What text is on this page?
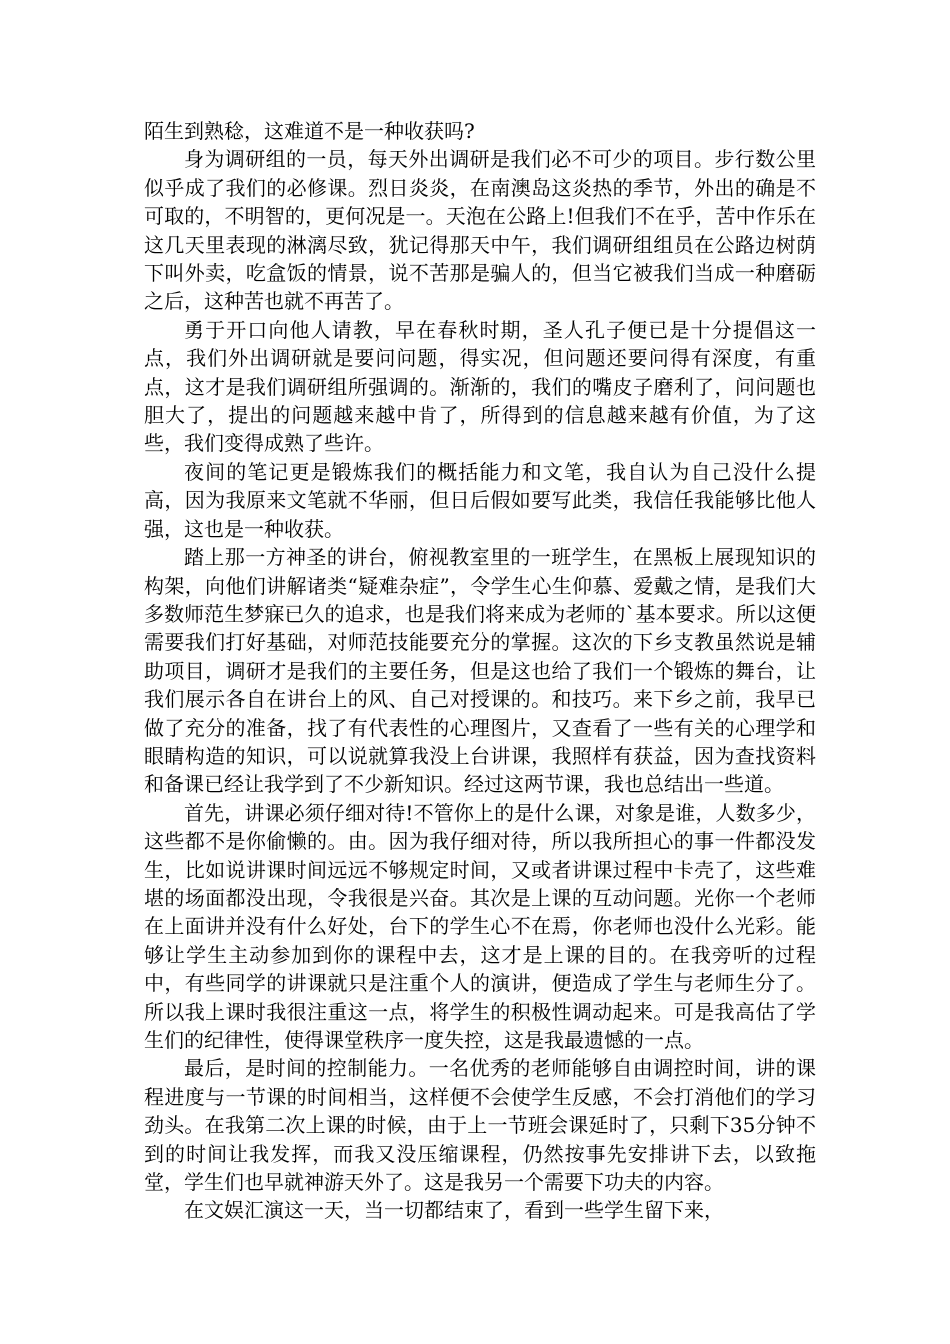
陌生到熟稔，这难道不是一种收获吗?

身为调研组的一员，每天外出调研是我们必不可少的项目。步行数公里似乎成了我们的必修课。烈日炎炎，在南澳岛这炎热的季节，外出的确是不可取的，不明智的，更何况是一。天泡在公路上!但我们不在乎，苦中作乐在这几天里表现的淋漓尽致，犹记得那天中午，我们调研组组员在公路边树荫下叫外卖，吃盒饭的情景，说不苦那是骗人的，但当它被我们当成一种磨砺之后，这种苦也就不再苦了。

勇于开口向他人请教，早在春秋时期，圣人孔子便已是十分提倡这一点，我们外出调研就是要问问题，得实况，但问题还要问得有深度，有重点，这才是我们调研组所强调的。渐渐的，我们的嘴皮子磨利了，问问题也胆大了，提出的问题越来越中肯了，所得到的信息越来越有价值，为了这些，我们变得成熟了些许。

夜间的笔记更是锻炼我们的概括能力和文笔，我自认为自己没什么提高，因为我原来文笔就不华丽，但日后假如要写此类，我信任我能够比他人强，这也是一种收获。

踏上那一方神圣的讲台，俯视教室里的一班学生，在黑板上展现知识的构架，向他们讲解诸类“疑难杂症”，令学生心生仰慕、爱戴之情，是我们大多数师范生梦寐已久的追求，也是我们将来成为老师的`基本要求。所以这便需要我们打好基础，对师范技能要充分的掌握。这次的下乡支教虽然说是辅助项目，调研才是我们的主要任务，但是这也给了我们一个锻炼的舞台，让我们展示各自在讲台上的风、自己对授课的。和技巧。来下乡之前，我早已做了充分的准备，找了有代表性的心理图片，又查看了一些有关的心理学和眼睛构造的知识，可以说就算我没上台讲课，我照样有获益，因为查找资料和备课已经让我学到了不少新知识。经过这两节课，我也总结出一些道。

首先，讲课必须仔细对待!不管你上的是什么课，对象是谁，人数多少，这些都不是你偷懒的。由。因为我仔细对待，所以我所担心的事一件都没发生，比如说讲课时间远远不够规定时间，又或者讲课过程中卡壳了，这些难堪的场面都没出现，令我很是兴奋。其次是上课的互动问题。光你一个老师在上面讲并没有什么好处，台下的学生心不在焉，你老师也没什么光彩。能够让学生主动参加到你的课程中去，这才是上课的目的。在我旁听的过程中，有些同学的讲课就只是注重个人的演讲，便造成了学生与老师生分了。所以我上课时我很注重这一点，将学生的积极性调动起来。可是我高估了学生们的纪律性，使得课堂秩序一度失控，这是我最遗憾的一点。

最后，是时间的控制能力。一名优秀的老师能够自由调控时间，讲的课程进度与一节课的时间相当，这样便不会使学生反感，不会打消他们的学习劲头。在我第二次上课的时候，由于上一节班会课延时了，只剩下35分钟不到的时间让我发挥，而我又没压缩课程，仍然按事先安排讲下去，以致拖堂，学生们也早就神游天外了。这是我另一个需要下功夫的内容。

在文娱汇演这一天，当一切都结束了，看到一些学生留下来，
